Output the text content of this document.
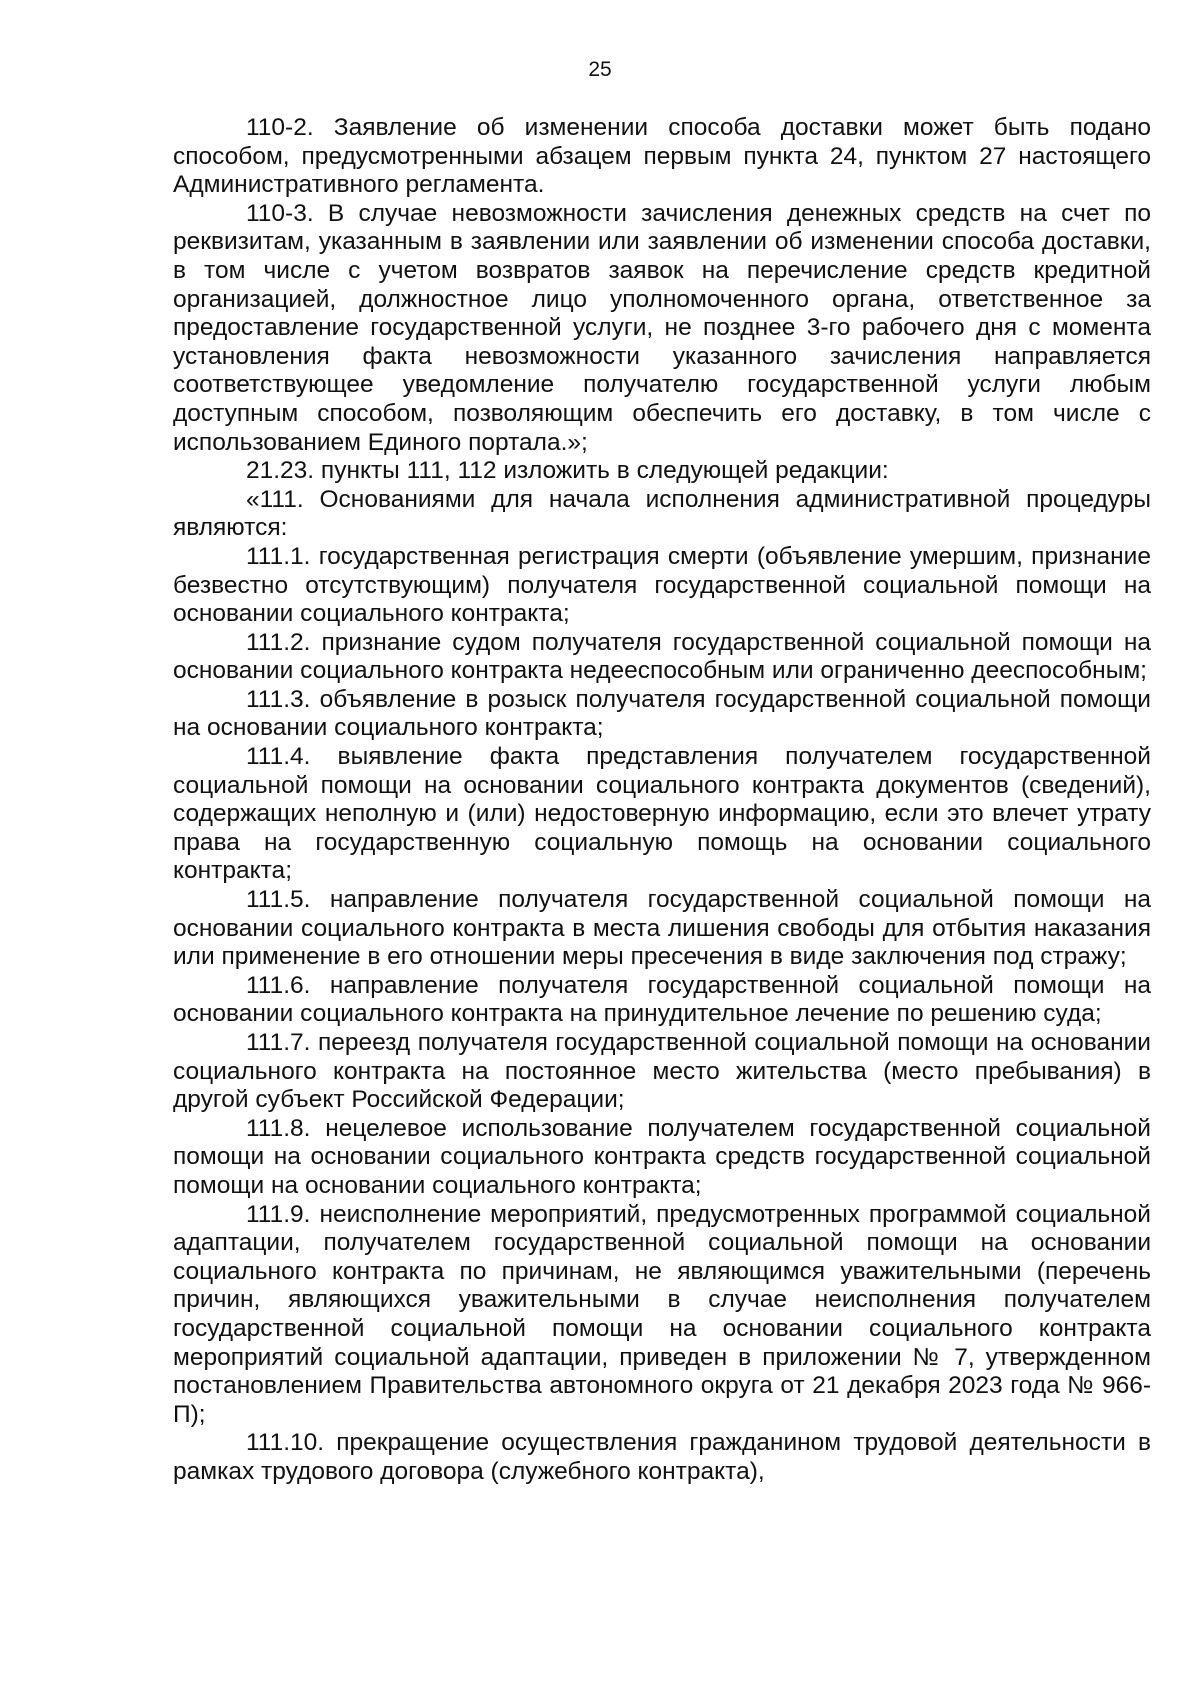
25

110-2. Заявление об изменении способа доставки может быть подано способом, предусмотренными абзацем первым пункта 24, пунктом 27 настоящего Административного регламента.

110-3. В случае невозможности зачисления денежных средств на счет по реквизитам, указанным в заявлении или заявлении об изменении способа доставки, в том числе с учетом возвратов заявок на перечисление средств кредитной организацией, должностное лицо уполномоченного органа, ответственное за предоставление государственной услуги, не позднее 3-го рабочего дня с момента установления факта невозможности указанного зачисления направляется соответствующее уведомление получателю государственной услуги любым доступным способом, позволяющим обеспечить его доставку, в том числе с использованием Единого портала.»;

21.23. пункты 111, 112 изложить в следующей редакции:

«111. Основаниями для начала исполнения административной процедуры являются:

111.1. государственная регистрация смерти (объявление умершим, признание безвестно отсутствующим) получателя государственной социальной помощи на основании социального контракта;

111.2. признание судом получателя государственной социальной помощи на основании социального контракта недееспособным или ограниченно дееспособным;

111.3. объявление в розыск получателя государственной социальной помощи на основании социального контракта;

111.4. выявление факта представления получателем государственной социальной помощи на основании социального контракта документов (сведений), содержащих неполную и (или) недостоверную информацию, если это влечет утрату права на государственную социальную помощь на основании социального контракта;

111.5. направление получателя государственной социальной помощи на основании социального контракта в места лишения свободы для отбытия наказания или применение в его отношении меры пресечения в виде заключения под стражу;

111.6. направление получателя государственной социальной помощи на основании социального контракта на принудительное лечение по решению суда;

111.7. переезд получателя государственной социальной помощи на основании социального контракта на постоянное место жительства (место пребывания) в другой субъект Российской Федерации;

111.8. нецелевое использование получателем государственной социальной помощи на основании социального контракта средств государственной социальной помощи на основании социального контракта;

111.9. неисполнение мероприятий, предусмотренных программой социальной адаптации, получателем государственной социальной помощи на основании социального контракта по причинам, не являющимся уважительными (перечень причин, являющихся уважительными в случае неисполнения получателем государственной социальной помощи на основании социального контракта мероприятий социальной адаптации, приведен в приложении № 7, утвержденном постановлением Правительства автономного округа от 21 декабря 2023 года № 966-П);

111.10. прекращение осуществления гражданином трудовой деятельности в рамках трудового договора (служебного контракта),
